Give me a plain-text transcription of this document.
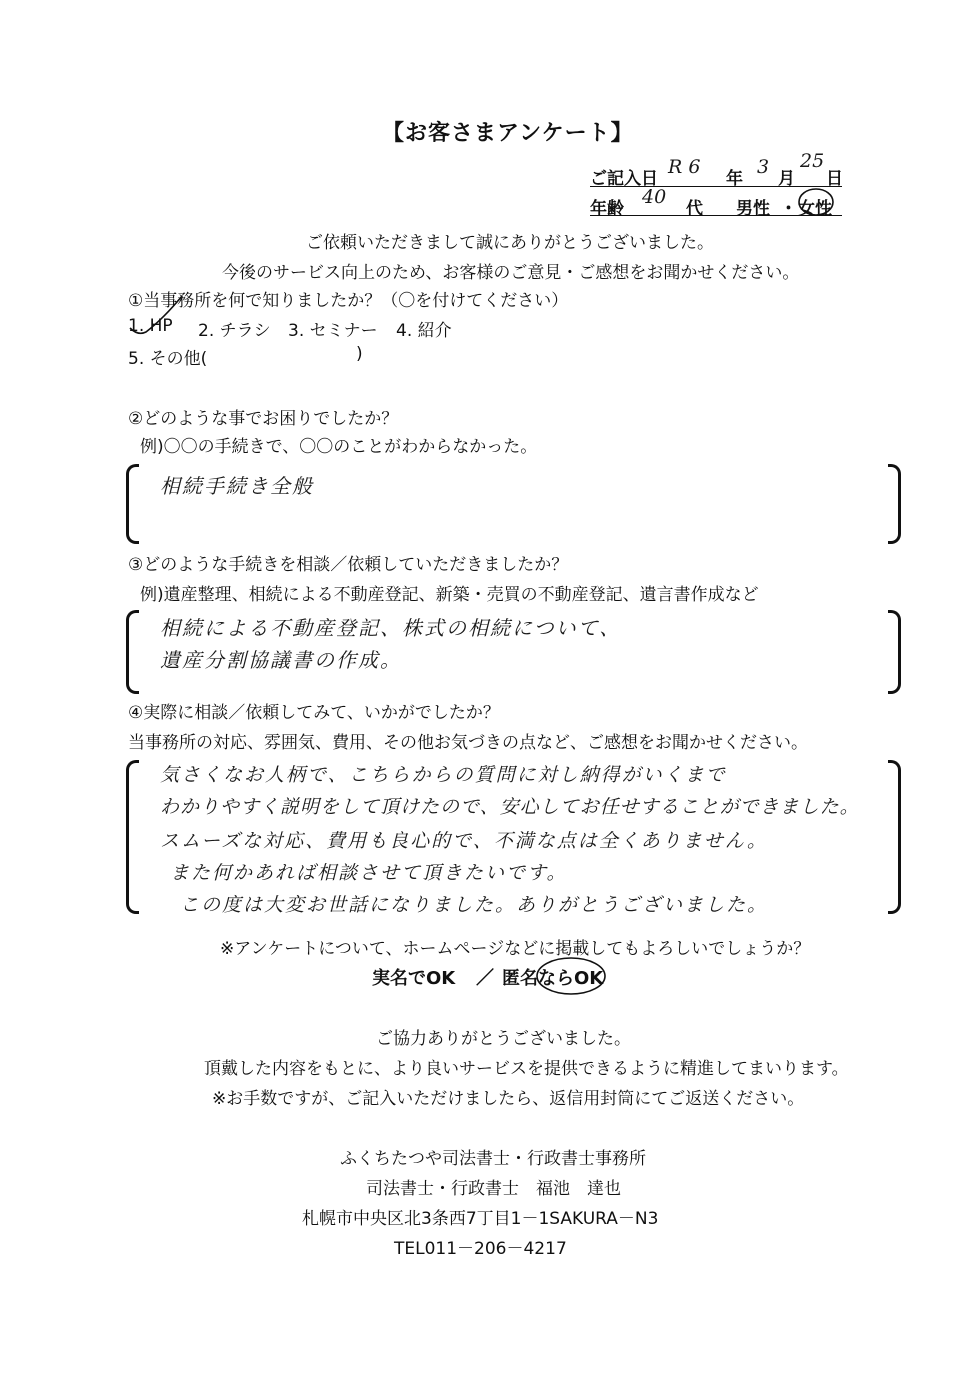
【お客さまアンケート】
ご記入日
R 6
年
3
月
25
日
年齢
40
代 男性 ・ 女性
ご依頼いただきまして誠にありがとうございました。
今後のサービス向上のため、お客様のご意見・ご感想をお聞かせください。
①当事務所を何で知りましたか？（〇を付けてください）
1. HP 2. チラシ 3. セミナー 4. 紹介
5. その他(	)
②どのような事でお困りでしたか？
例)〇〇の手続きで、〇〇のことがわからなかった。
相続手続き全般
③どのような手続きを相談／依頼していただきましたか？
例)遺産整理、相続による不動産登記、新築・売買の不動産登記、遺言書作成など
相続による不動産登記、株式の相続について、
遺産分割協議書の作成。
④実際に相談／依頼してみて、いかがでしたか？
当事務所の対応、雰囲気、費用、その他お気づきの点など、ご感想をお聞かせください。
気さくなお人柄で、こちらからの質問に対し納得がいくまで
わかりやすく説明をして頂けたので、安心してお任せすることができました。
スムーズな対応、費用も良心的で、不満な点は全くありません。
また何かあれば相談させて頂きたいです。
この度は大変お世話になりました。ありがとうございました。
※アンケートについて、ホームページなどに掲載してもよろしいでしょうか？
実名でOK ／ 匿名ならOK
ご協力ありがとうございました。
頂戴した内容をもとに、より良いサービスを提供できるように精進してまいります。
※お手数ですが、ご記入いただけましたら、返信用封筒にてご返送ください。
ふくちたつや司法書士・行政書士事務所
司法書士・行政書士　福池　達也
札幌市中央区北3条西7丁目1－1SAKURA－N3
TEL011－206－4217
